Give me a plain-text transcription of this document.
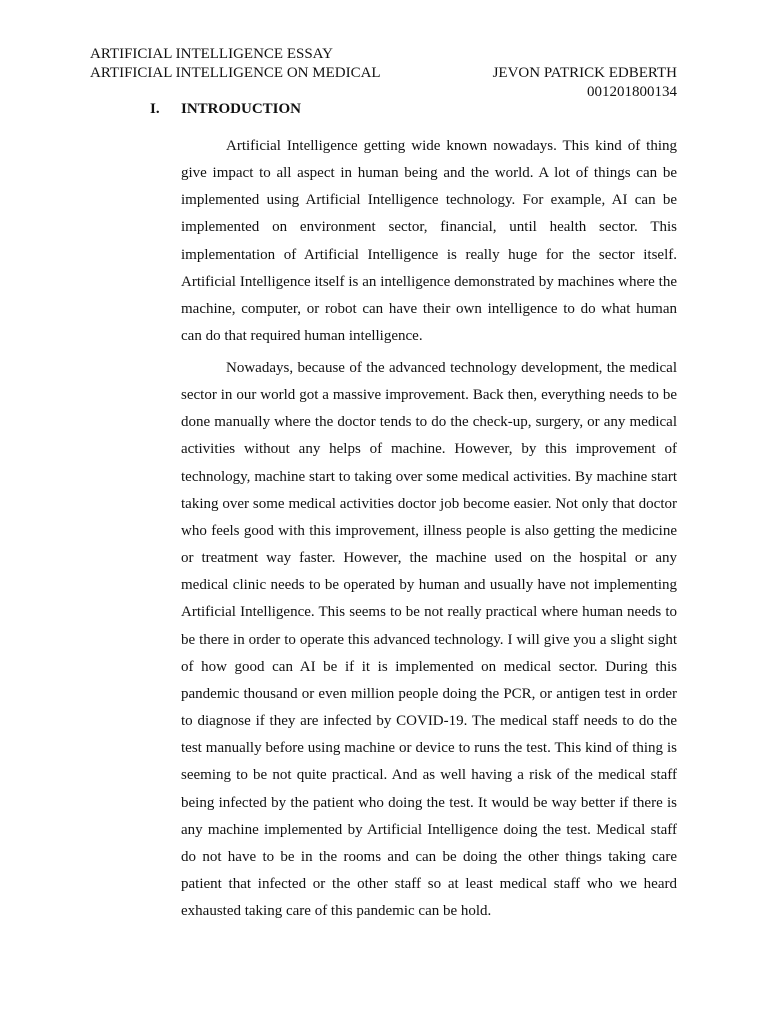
ARTIFICIAL INTELLIGENCE ESSAY
ARTIFICIAL INTELLIGENCE ON MEDICAL	JEVON PATRICK EDBERTH
001201800134
I. INTRODUCTION

Artificial Intelligence getting wide known nowadays. This kind of thing give impact to all aspect in human being and the world. A lot of things can be implemented using Artificial Intelligence technology. For example, AI can be implemented on environment sector, financial, until health sector. This implementation of Artificial Intelligence is really huge for the sector itself. Artificial Intelligence itself is an intelligence demonstrated by machines where the machine, computer, or robot can have their own intelligence to do what human can do that required human intelligence.

Nowadays, because of the advanced technology development, the medical sector in our world got a massive improvement. Back then, everything needs to be done manually where the doctor tends to do the check-up, surgery, or any medical activities without any helps of machine. However, by this improvement of technology, machine start to taking over some medical activities. By machine start taking over some medical activities doctor job become easier. Not only that doctor who feels good with this improvement, illness people is also getting the medicine or treatment way faster. However, the machine used on the hospital or any medical clinic needs to be operated by human and usually have not implementing Artificial Intelligence. This seems to be not really practical where human needs to be there in order to operate this advanced technology. I will give you a slight sight of how good can AI be if it is implemented on medical sector. During this pandemic thousand or even million people doing the PCR, or antigen test in order to diagnose if they are infected by COVID-19. The medical staff needs to do the test manually before using machine or device to runs the test. This kind of thing is seeming to be not quite practical. And as well having a risk of the medical staff being infected by the patient who doing the test. It would be way better if there is any machine implemented by Artificial Intelligence doing the test. Medical staff do not have to be in the rooms and can be doing the other things taking care patient that infected or the other staff so at least medical staff who we heard exhausted taking care of this pandemic can be hold.
